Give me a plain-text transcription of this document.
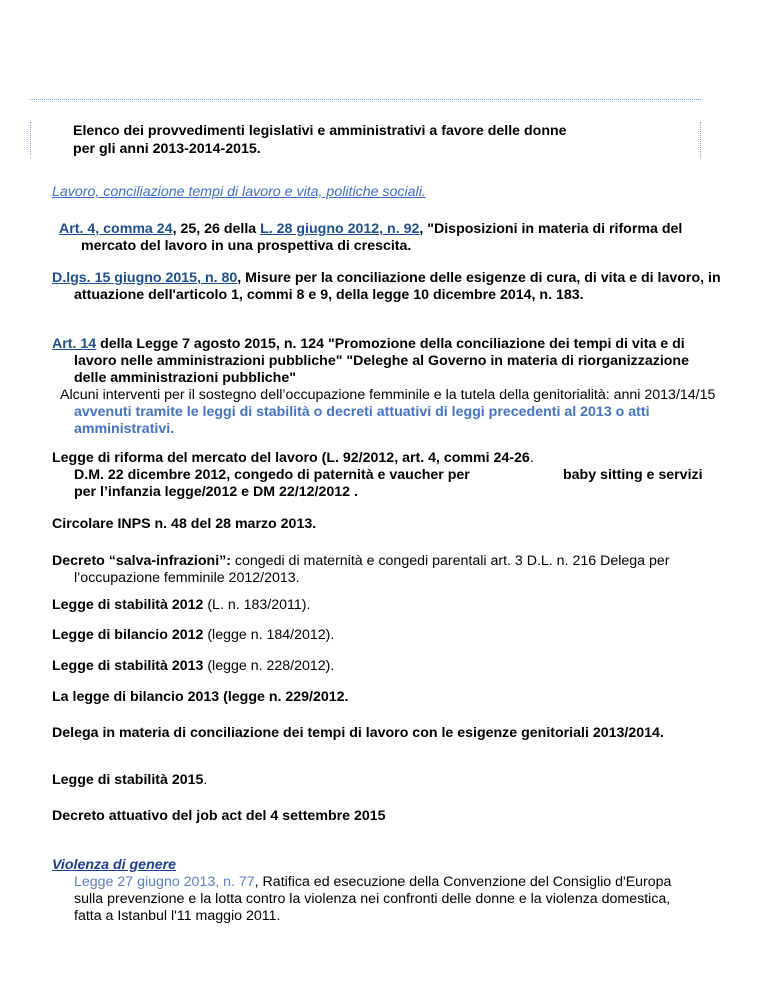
Elenco dei provvedimenti legislativi e amministrativi a favore delle donne
per gli anni 2013-2014-2015.
Lavoro, conciliazione tempi di lavoro e vita, politiche sociali.
Art. 4, comma 24, 25, 26 della L. 28 giugno 2012, n. 92, "Disposizioni in materia di riforma del mercato del lavoro in una prospettiva di crescita.
D.lgs. 15 giugno 2015, n. 80, Misure per la conciliazione delle esigenze di cura, di vita e di lavoro, in attuazione dell'articolo 1, commi 8 e 9, della legge 10 dicembre 2014, n. 183.
Art. 14 della Legge 7 agosto 2015, n. 124 "Promozione della conciliazione dei tempi di vita e di lavoro nelle amministrazioni pubbliche" "Deleghe al Governo in materia di riorganizzazione delle amministrazioni pubbliche"
Alcuni interventi per il sostegno dell’occupazione femminile e la tutela della genitorialità: anni 2013/14/15 avvenuti tramite le leggi di stabilità o decreti attuativi di leggi precedenti al 2013 o atti amministrativi.
Legge di riforma del mercato del lavoro (L. 92/2012, art. 4, commi 24-26.
D.M. 22 dicembre 2012, congedo di paternità e vaucher per	baby sitting e servizi
per l’infanzia legge/2012 e DM 22/12/2012 .
Circolare INPS n. 48 del 28 marzo 2013.
Decreto “salva-infrazioni”: congedi di maternità e congedi parentali art. 3 D.L. n. 216 Delega per l’occupazione femminile 2012/2013.
Legge di stabilità 2012 (L. n. 183/2011).
Legge di bilancio 2012 (legge n. 184/2012).
Legge di stabilità 2013 (legge n. 228/2012).
La legge di bilancio 2013 (legge n. 229/2012.
Delega in materia di conciliazione dei tempi di lavoro con le esigenze genitoriali 2013/2014.
Legge di stabilità 2015.
Decreto attuativo del job act del 4 settembre 2015
Violenza di genere
Legge 27 giugno 2013, n. 77, Ratifica ed esecuzione della Convenzione del Consiglio d'Europa sulla prevenzione e la lotta contro la violenza nei confronti delle donne e la violenza domestica, fatta a Istanbul l'11 maggio 2011.
